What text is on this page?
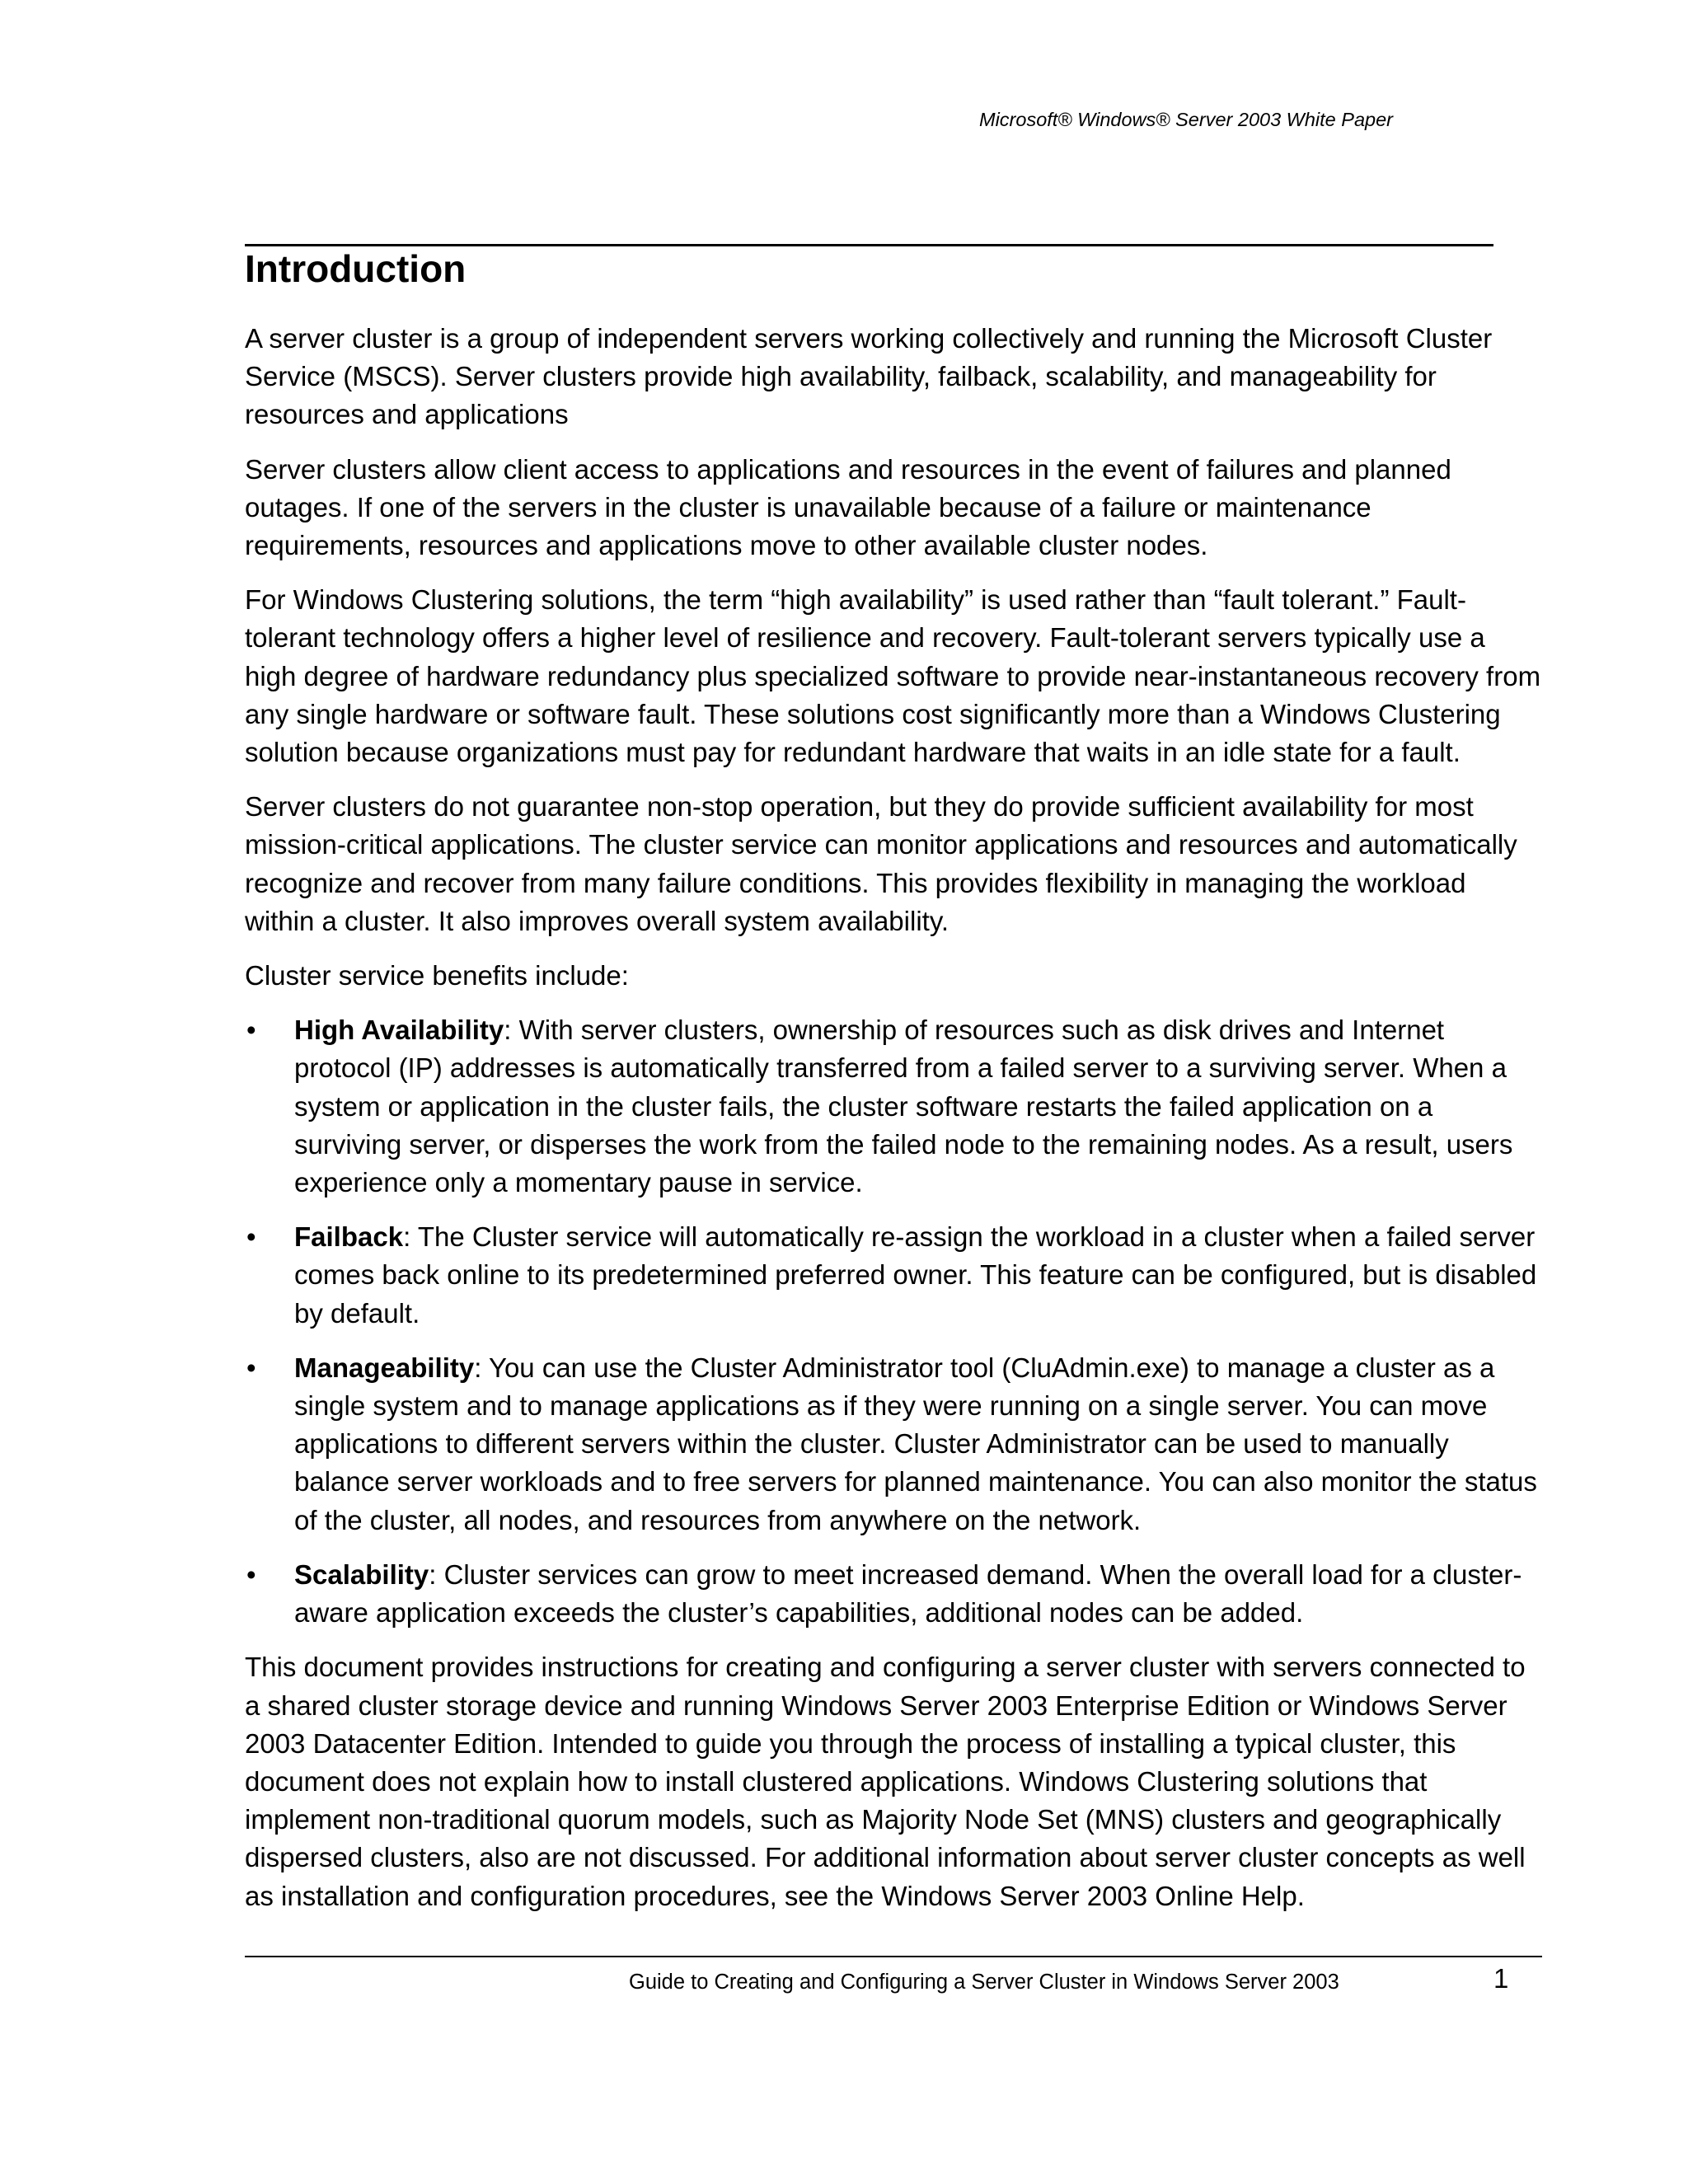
Microsoft® Windows® Server 2003 White Paper
Introduction

A server cluster is a group of independent servers working collectively and running the Microsoft Cluster Service (MSCS). Server clusters provide high availability, failback, scalability, and manageability for resources and applications

Server clusters allow client access to applications and resources in the event of failures and planned outages. If one of the servers in the cluster is unavailable because of a failure or maintenance requirements, resources and applications move to other available cluster nodes.

For Windows Clustering solutions, the term “high availability” is used rather than “fault tolerant.” Fault-tolerant technology offers a higher level of resilience and recovery. Fault-tolerant servers typically use a high degree of hardware redundancy plus specialized software to provide near-instantaneous recovery from any single hardware or software fault. These solutions cost significantly more than a Windows Clustering solution because organizations must pay for redundant hardware that waits in an idle state for a fault.

Server clusters do not guarantee non-stop operation, but they do provide sufficient availability for most mission-critical applications. The cluster service can monitor applications and resources and automatically recognize and recover from many failure conditions. This provides flexibility in managing the workload within a cluster. It also improves overall system availability.

Cluster service benefits include:

• High Availability: With server clusters, ownership of resources such as disk drives and Internet protocol (IP) addresses is automatically transferred from a failed server to a surviving server. When a system or application in the cluster fails, the cluster software restarts the failed application on a surviving server, or disperses the work from the failed node to the remaining nodes. As a result, users experience only a momentary pause in service.
• Failback: The Cluster service will automatically re-assign the workload in a cluster when a failed server comes back online to its predetermined preferred owner. This feature can be configured, but is disabled by default.
• Manageability: You can use the Cluster Administrator tool (CluAdmin.exe) to manage a cluster as a single system and to manage applications as if they were running on a single server. You can move applications to different servers within the cluster. Cluster Administrator can be used to manually balance server workloads and to free servers for planned maintenance. You can also monitor the status of the cluster, all nodes, and resources from anywhere on the network.
• Scalability: Cluster services can grow to meet increased demand. When the overall load for a cluster-aware application exceeds the cluster’s capabilities, additional nodes can be added.

This document provides instructions for creating and configuring a server cluster with servers connected to a shared cluster storage device and running Windows Server 2003 Enterprise Edition or Windows Server 2003 Datacenter Edition. Intended to guide you through the process of installing a typical cluster, this document does not explain how to install clustered applications. Windows Clustering solutions that implement non-traditional quorum models, such as Majority Node Set (MNS) clusters and geographically dispersed clusters, also are not discussed. For additional information about server cluster concepts as well as installation and configuration procedures, see the Windows Server 2003 Online Help.

Guide to Creating and Configuring a Server Cluster in Windows Server 2003	1
